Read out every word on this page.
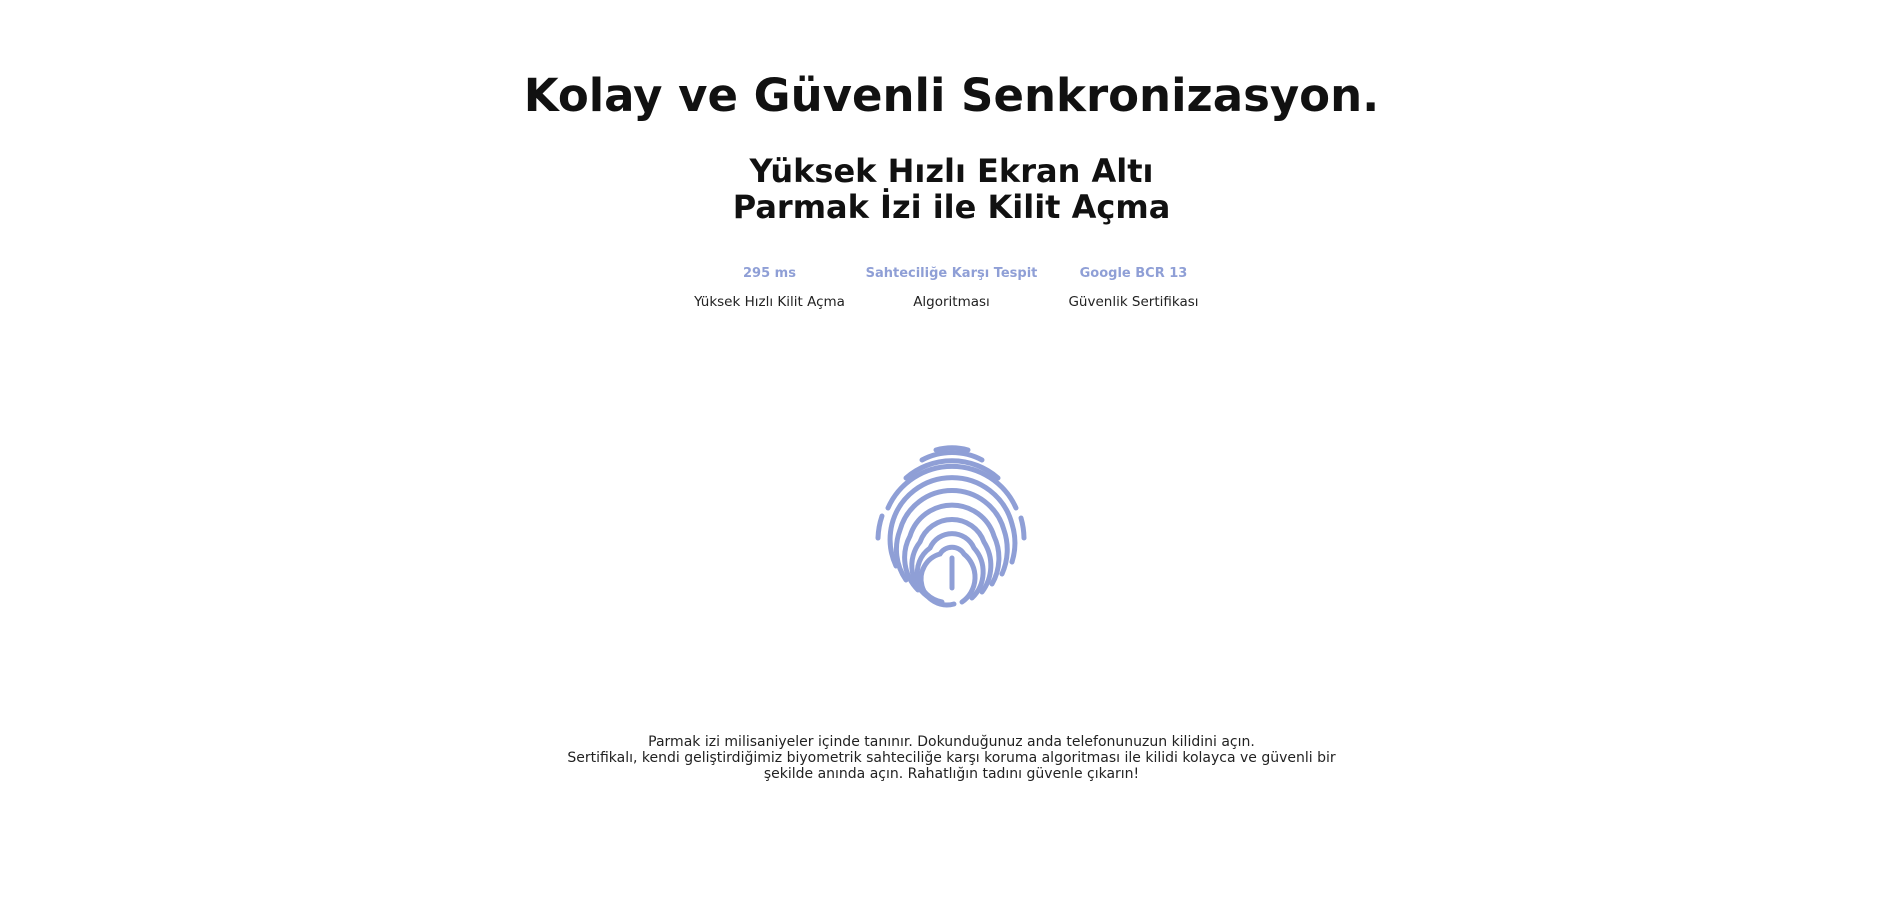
Kolay ve Güvenli Senkronizasyon.
Yüksek Hızlı Ekran Altı
Parmak İzi ile Kilit Açma
295 ms
Yüksek Hızlı Kilit Açma
Sahteciliğe Karşı Tespit
Algoritması
Google BCR 13
Güvenlik Sertifikası
Parmak izi milisaniyeler içinde tanınır. Dokunduğunuz anda telefonunuzun kilidini açın.
Sertifikalı, kendi geliştirdiğimiz biyometrik sahteciliğe karşı koruma algoritması ile kilidi kolayca ve güvenli bir
şekilde anında açın. Rahatlığın tadını güvenle çıkarın!
